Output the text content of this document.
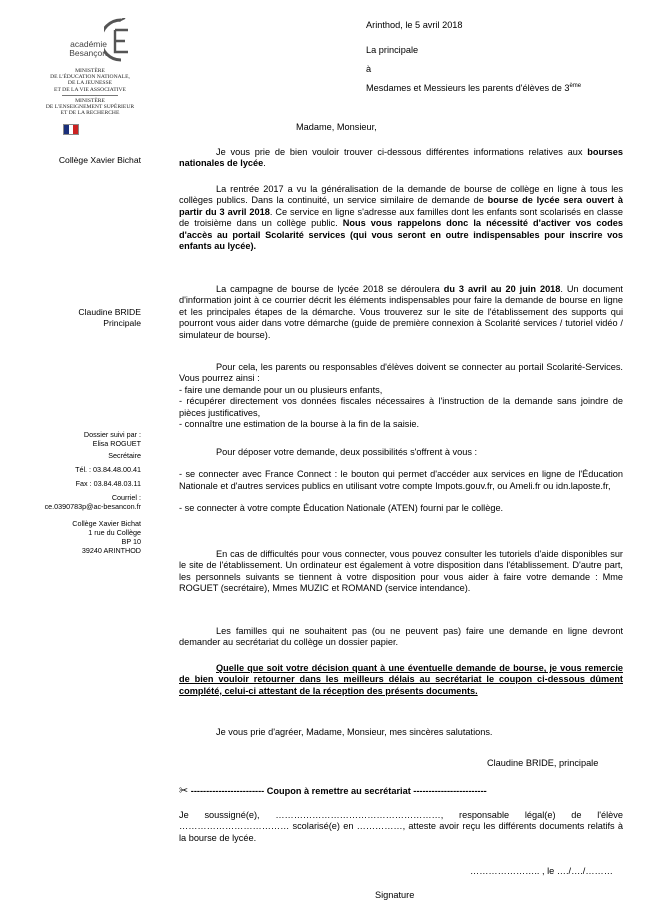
académie
Besançon
MINISTÈRE
DE L'ÉDUCATION NATIONALE,
DE LA JEUNESSE
ET DE LA VIE ASSOCIATIVE
MINISTÈRE
DE L'ENSEIGNEMENT SUPÉRIEUR
ET DE LA RECHERCHE
Collège Xavier Bichat
Claudine BRIDE
Principale
Dossier suivi par :
Elisa ROGUET
Secrétaire
Tél. : 03.84.48.00.41
Fax : 03.84.48.03.11
Courriel :
ce.0390783p@ac-besancon.fr
Collège Xavier Bichat
1 rue du Collège
BP 10
39240 ARINTHOD
Arinthod, le 5 avril 2018
La principale
à
Mesdames et Messieurs les parents d'élèves de 3ème
Madame, Monsieur,

Je vous prie de bien vouloir trouver ci-dessous différentes informations relatives aux bourses nationales de lycée.

La rentrée 2017 a vu la généralisation de la demande de bourse de collège en ligne à tous les collèges publics. Dans la continuité, un service similaire de demande de bourse de lycée sera ouvert à partir du 3 avril 2018. Ce service en ligne s'adresse aux familles dont les enfants sont scolarisés en classe de troisième dans un collège public. Nous vous rappelons donc la nécessité d'activer vos codes d'accès au portail Scolarité services (qui vous seront en outre indispensables pour inscrire vos enfants au lycée).

La campagne de bourse de lycée 2018 se déroulera du 3 avril au 20 juin 2018. Un document d'information joint à ce courrier décrit les éléments indispensables pour faire la demande de bourse en ligne et les principales étapes de la démarche. Vous trouverez sur le site de l'établissement des supports qui pourront vous aider dans votre démarche (guide de première connexion à Scolarité services / tutoriel vidéo / simulateur de bourse).

Pour cela, les parents ou responsables d'élèves doivent se connecter au portail Scolarité-Services. Vous pourrez ainsi :

- faire une demande pour un ou plusieurs enfants,

- récupérer directement vos données fiscales nécessaires à l'instruction de la demande sans joindre de pièces justificatives,

- connaître une estimation de la bourse à la fin de la saisie.

Pour déposer votre demande, deux possibilités s'offrent à vous :

- se connecter avec France Connect : le bouton qui permet d'accéder aux services en ligne de l'Éducation Nationale et d'autres services publics en utilisant votre compte Impots.gouv.fr, ou Ameli.fr ou idn.laposte.fr,

- se connecter à votre compte Éducation Nationale (ATEN) fourni par le collège.

En cas de difficultés pour vous connecter, vous pouvez consulter les tutoriels d'aide disponibles sur le site de l'établissement. Un ordinateur est également à votre disposition dans l'établissement. D'autre part, les personnels suivants se tiennent à votre disposition pour vous aider à faire votre demande : Mme ROGUET (secrétaire), Mmes MUZIC et ROMAND (service intendance).

Les familles qui ne souhaitent pas (ou ne peuvent pas) faire une demande en ligne devront demander au secrétariat du collège un dossier papier.

Quelle que soit votre décision quant à une éventuelle demande de bourse, je vous remercie de bien vouloir retourner dans les meilleurs délais au secrétariat le coupon ci-dessous dûment complété, celui-ci attestant de la réception des présents documents.

Je vous prie d'agréer, Madame, Monsieur, mes sincères salutations.
Claudine BRIDE, principale
✂ ------------------------ Coupon à remettre au secrétariat ------------------------

Je soussigné(e), ………………………………………………, responsable légal(e) de l'élève ……………………………… scolarisé(e) en ……………, atteste avoir reçu les différents documents relatifs à la bourse de lycée.

………………….. , le …./…./………
Signature
